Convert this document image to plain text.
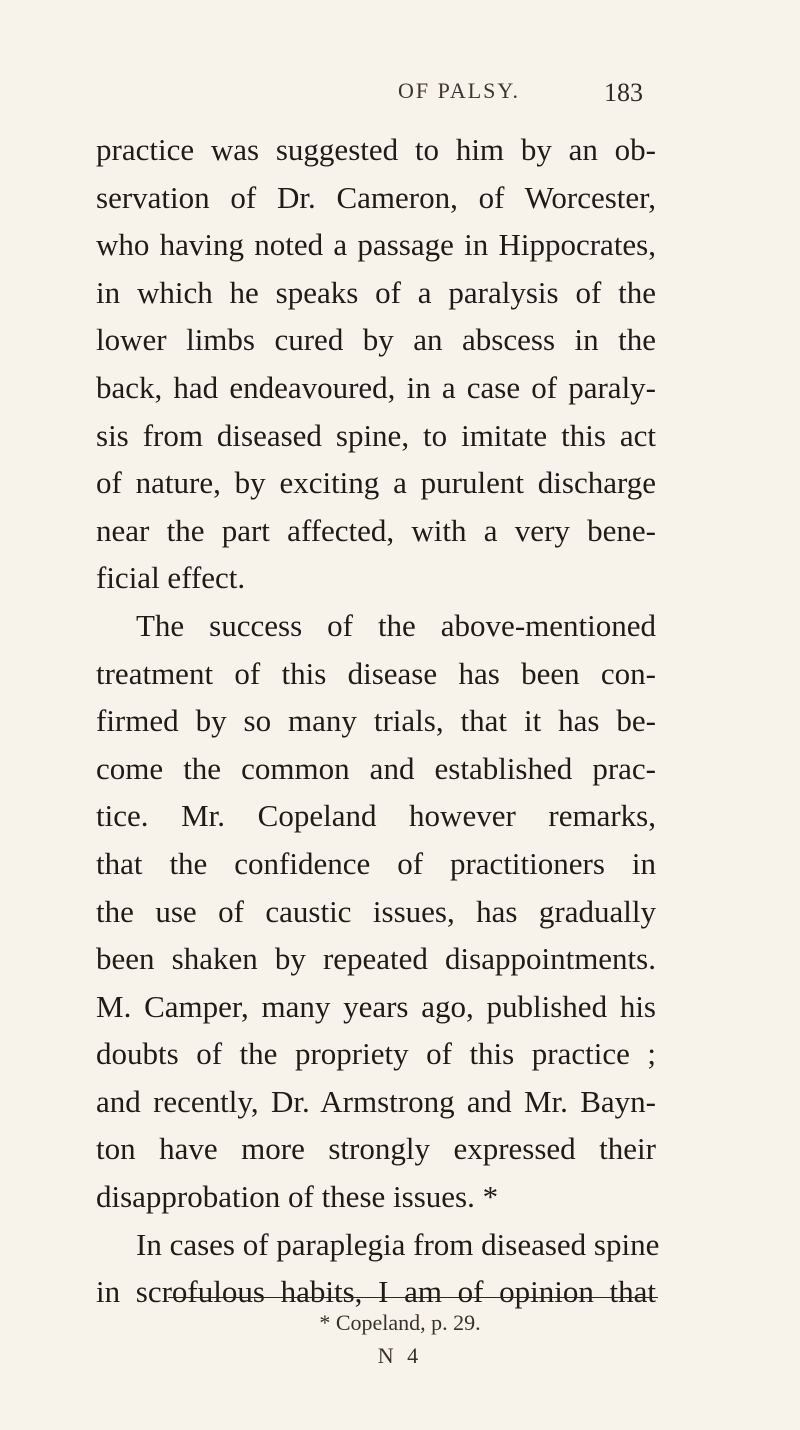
OF PALSY.	183
practice was suggested to him by an ob-
servation of Dr. Cameron, of Worcester,
who having noted a passage in Hippocrates,
in which he speaks of a paralysis of the
lower limbs cured by an abscess in the
back, had endeavoured, in a case of paraly-
sis from diseased spine, to imitate this act
of nature, by exciting a purulent discharge
near the part affected, with a very bene-
ficial effect.
The success of the above-mentioned
treatment of this disease has been con-
firmed by so many trials, that it has be-
come the common and established prac-
tice. Mr. Copeland however remarks,
that the confidence of practitioners in
the use of caustic issues, has gradually
been shaken by repeated disappointments.
M. Camper, many years ago, published his
doubts of the propriety of this practice ;
and recently, Dr. Armstrong and Mr. Bayn-
ton have more strongly expressed their
disapprobation of these issues. *
In cases of paraplegia from diseased spine
in scrofulous habits, I am of opinion that
* Copeland, p. 29.
N 4
